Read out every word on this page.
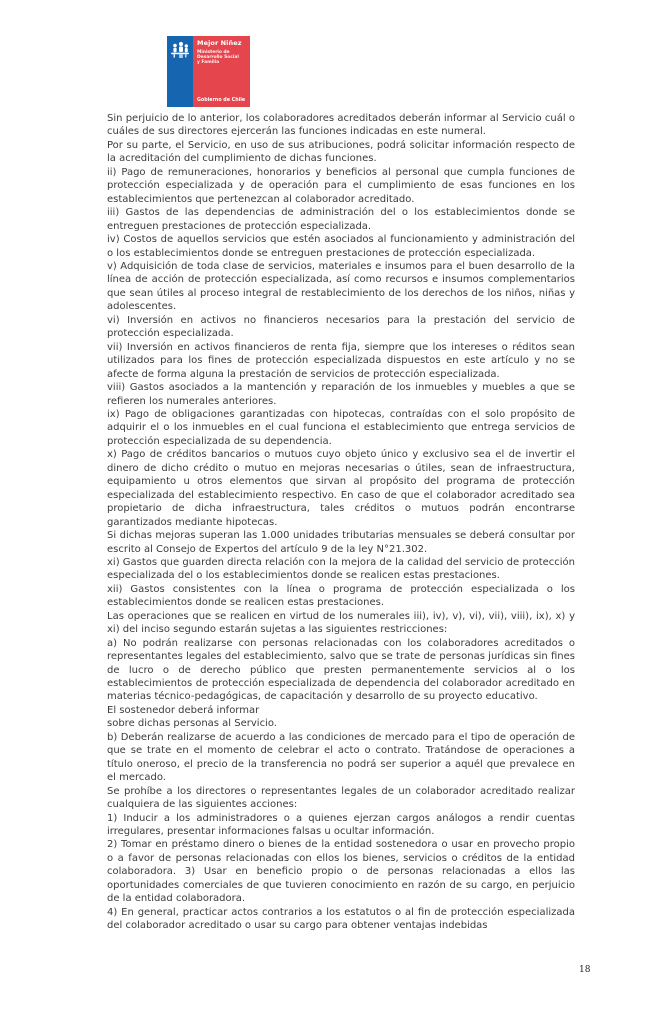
Mejor Niñez
Ministerio de
Desarrollo Social
y Familia
Gobierno de Chile

Sin perjuicio de lo anterior, los colaboradores acreditados deberán informar al Servicio cuál o cuáles de sus directores ejercerán las funciones indicadas en este numeral.

Por su parte, el Servicio, en uso de sus atribuciones, podrá solicitar información respecto de la acreditación del cumplimiento de dichas funciones.

ii) Pago de remuneraciones, honorarios y beneficios al personal que cumpla funciones de protección especializada y de operación para el cumplimiento de esas funciones en los establecimientos que pertenezcan al colaborador acreditado.

iii) Gastos de las dependencias de administración del o los establecimientos donde se entreguen prestaciones de protección especializada.

iv) Costos de aquellos servicios que estén asociados al funcionamiento y administración del o los establecimientos donde se entreguen prestaciones de protección especializada.

v) Adquisición de toda clase de servicios, materiales e insumos para el buen desarrollo de la línea de acción de protección especializada, así como recursos e insumos complementarios que sean útiles al proceso integral de restablecimiento de los derechos de los niños, niñas y adolescentes.

vi) Inversión en activos no financieros necesarios para la prestación del servicio de protección especializada.

vii) Inversión en activos financieros de renta fija, siempre que los intereses o réditos sean utilizados para los fines de protección especializada dispuestos en este artículo y no se afecte de forma alguna la prestación de servicios de protección especializada.

viii) Gastos asociados a la mantención y reparación de los inmuebles y muebles a que se refieren los numerales anteriores.

ix) Pago de obligaciones garantizadas con hipotecas, contraídas con el solo propósito de adquirir el o los inmuebles en el cual funciona el establecimiento que entrega servicios de protección especializada de su dependencia.

x) Pago de créditos bancarios o mutuos cuyo objeto único y exclusivo sea el de invertir el dinero de dicho crédito o mutuo en mejoras necesarias o útiles, sean de infraestructura, equipamiento u otros elementos que sirvan al propósito del programa de protección especializada del establecimiento respectivo. En caso de que el colaborador acreditado sea propietario de dicha infraestructura, tales créditos o mutuos podrán encontrarse garantizados mediante hipotecas.

Si dichas mejoras superan las 1.000 unidades tributarias mensuales se deberá consultar por escrito al Consejo de Expertos del artículo 9 de la ley N°21.302.

xi) Gastos que guarden directa relación con la mejora de la calidad del servicio de protección especializada del o los establecimientos donde se realicen estas prestaciones.

xii) Gastos consistentes con la línea o programa de protección especializada o los establecimientos donde se realicen estas prestaciones.

Las operaciones que se realicen en virtud de los numerales iii), iv), v), vi), vii), viii), ix), x) y xi) del inciso segundo estarán sujetas a las siguientes restricciones:

a) No podrán realizarse con personas relacionadas con los colaboradores acreditados o representantes legales del establecimiento, salvo que se trate de personas jurídicas sin fines de lucro o de derecho público que presten permanentemente servicios al o los establecimientos de protección especializada de dependencia del colaborador acreditado en materias técnico-pedagógicas, de capacitación y desarrollo de su proyecto educativo.

El sostenedor deberá informar

sobre dichas personas al Servicio.

b) Deberán realizarse de acuerdo a las condiciones de mercado para el tipo de operación de que se trate en el momento de celebrar el acto o contrato. Tratándose de operaciones a título oneroso, el precio de la transferencia no podrá ser superior a aquél que prevalece en el mercado.

Se prohíbe a los directores o representantes legales de un colaborador acreditado realizar cualquiera de las siguientes acciones:

1) Inducir a los administradores o a quienes ejerzan cargos análogos a rendir cuentas irregulares, presentar informaciones falsas u ocultar información.

2) Tomar en préstamo dinero o bienes de la entidad sostenedora o usar en provecho propio o a favor de personas relacionadas con ellos los bienes, servicios o créditos de la entidad colaboradora. 3) Usar en beneficio propio o de personas relacionadas a ellos las oportunidades comerciales de que tuvieren conocimiento en razón de su cargo, en perjuicio de la entidad colaboradora.

4) En general, practicar actos contrarios a los estatutos o al fin de protección especializada del colaborador acreditado o usar su cargo para obtener ventajas indebidas

18
